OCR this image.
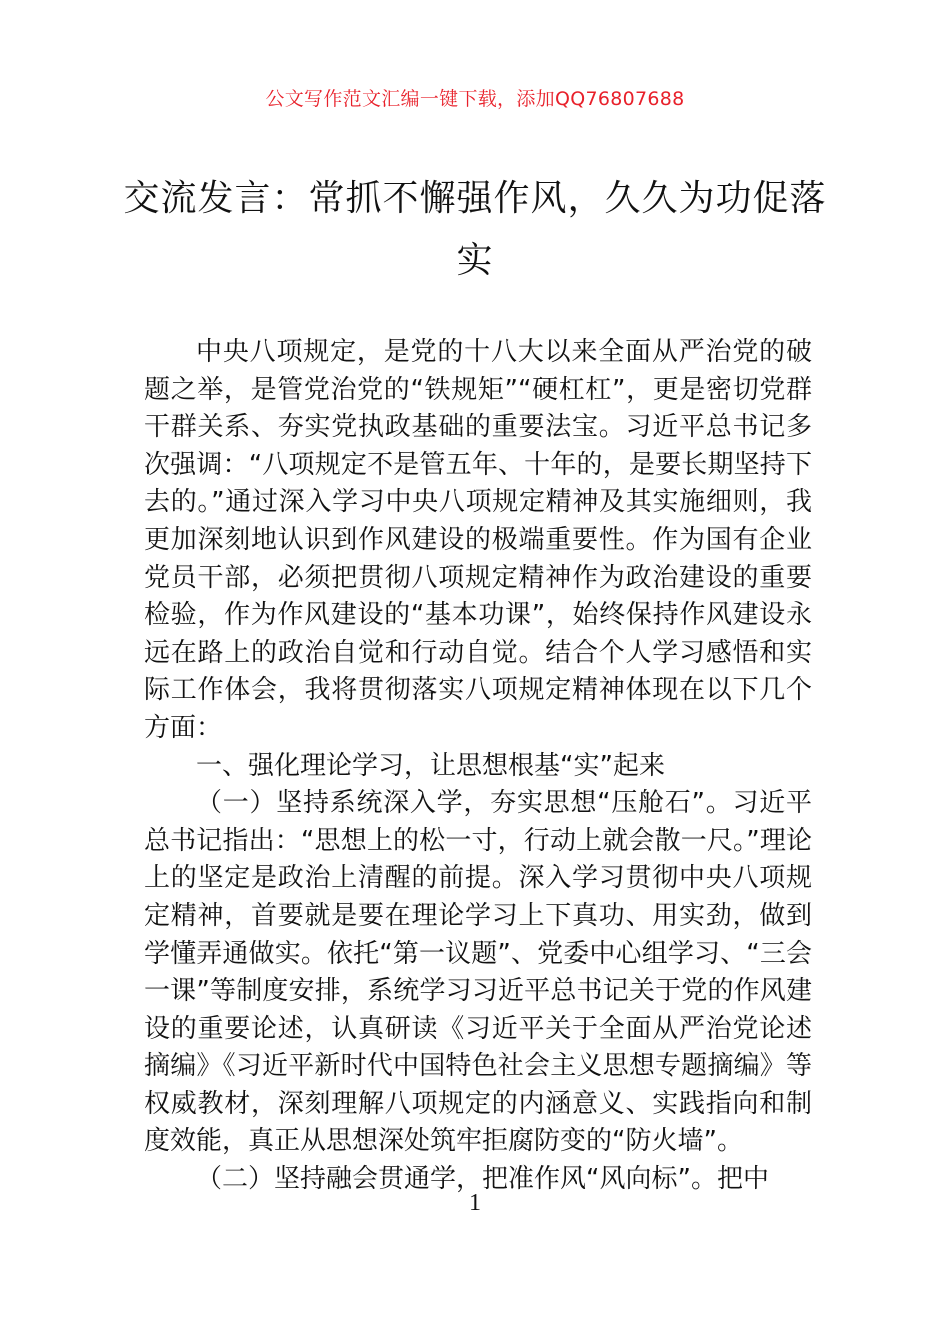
公文写作范文汇编一键下载，添加QQ76807688
交流发言：常抓不懈强作风，久久为功促落实

中央八项规定，是党的十八大以来全面从严治党的破题之举，是管党治党的“铁规矩”“硬杠杠”，更是密切党群干群关系、夯实党执政基础的重要法宝。习近平总书记多次强调：“八项规定不是管五年、十年的，是要长期坚持下去的。”通过深入学习中央八项规定精神及其实施细则，我更加深刻地认识到作风建设的极端重要性。作为国有企业党员干部，必须把贯彻八项规定精神作为政治建设的重要检验，作为作风建设的“基本功课”，始终保持作风建设永远在路上的政治自觉和行动自觉。结合个人学习感悟和实际工作体会，我将贯彻落实八项规定精神体现在以下几个方面：

一、强化理论学习，让思想根基“实”起来

（一）坚持系统深入学，夯实思想“压舱石”。习近平总书记指出：“思想上的松一寸，行动上就会散一尺。”理论上的坚定是政治上清醒的前提。深入学习贯彻中央八项规定精神，首要就是要在理论学习上下真功、用实劲，做到学懂弄通做实。依托“第一议题”、党委中心组学习、“三会一课”等制度安排，系统学习习近平总书记关于党的作风建设的重要论述，认真研读《习近平关于全面从严治党论述摘编》《习近平新时代中国特色社会主义思想专题摘编》等权威教材，深刻理解八项规定的内涵意义、实践指向和制度效能，真正从思想深处筑牢拒腐防变的“防火墙”。

（二）坚持融会贯通学，把准作风“风向标”。把中

1
